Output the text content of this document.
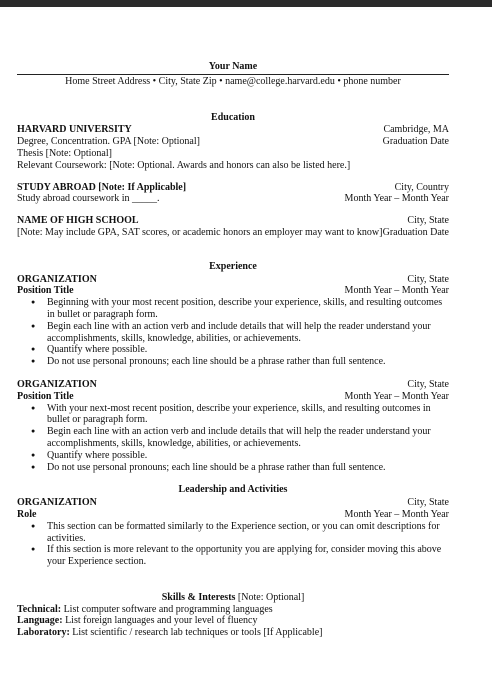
Your Name
Home Street Address • City, State Zip • name@college.harvard.edu • phone number
Education
HARVARD UNIVERSITY	Cambridge, MA
Degree, Concentration. GPA [Note: Optional]	Graduation Date
Thesis [Note: Optional]
Relevant Coursework: [Note: Optional. Awards and honors can also be listed here.]
STUDY ABROAD [Note: If Applicable]	City, Country
Study abroad coursework in _____.	Month Year – Month Year
NAME OF HIGH SCHOOL	City, State
[Note: May include GPA, SAT scores, or academic honors an employer may want to know] Graduation Date
Experience
ORGANIZATION	City, State
Position Title	Month Year – Month Year
● Beginning with your most recent position, describe your experience, skills, and resulting outcomes in bullet or paragraph form.
● Begin each line with an action verb and include details that will help the reader understand your accomplishments, skills, knowledge, abilities, or achievements.
● Quantify where possible.
● Do not use personal pronouns; each line should be a phrase rather than full sentence.
ORGANIZATION	City, State
Position Title	Month Year – Month Year
● With your next-most recent position, describe your experience, skills, and resulting outcomes in bullet or paragraph form.
● Begin each line with an action verb and include details that will help the reader understand your accomplishments, skills, knowledge, abilities, or achievements.
● Quantify where possible.
● Do not use personal pronouns; each line should be a phrase rather than full sentence.
Leadership and Activities
ORGANIZATION	City, State
Role	Month Year – Month Year
● This section can be formatted similarly to the Experience section, or you can omit descriptions for activities.
● If this section is more relevant to the opportunity you are applying for, consider moving this above your Experience section.
Skills & Interests [Note: Optional]
Technical: List computer software and programming languages
Language: List foreign languages and your level of fluency
Laboratory: List scientific / research lab techniques or tools [If Applicable]
